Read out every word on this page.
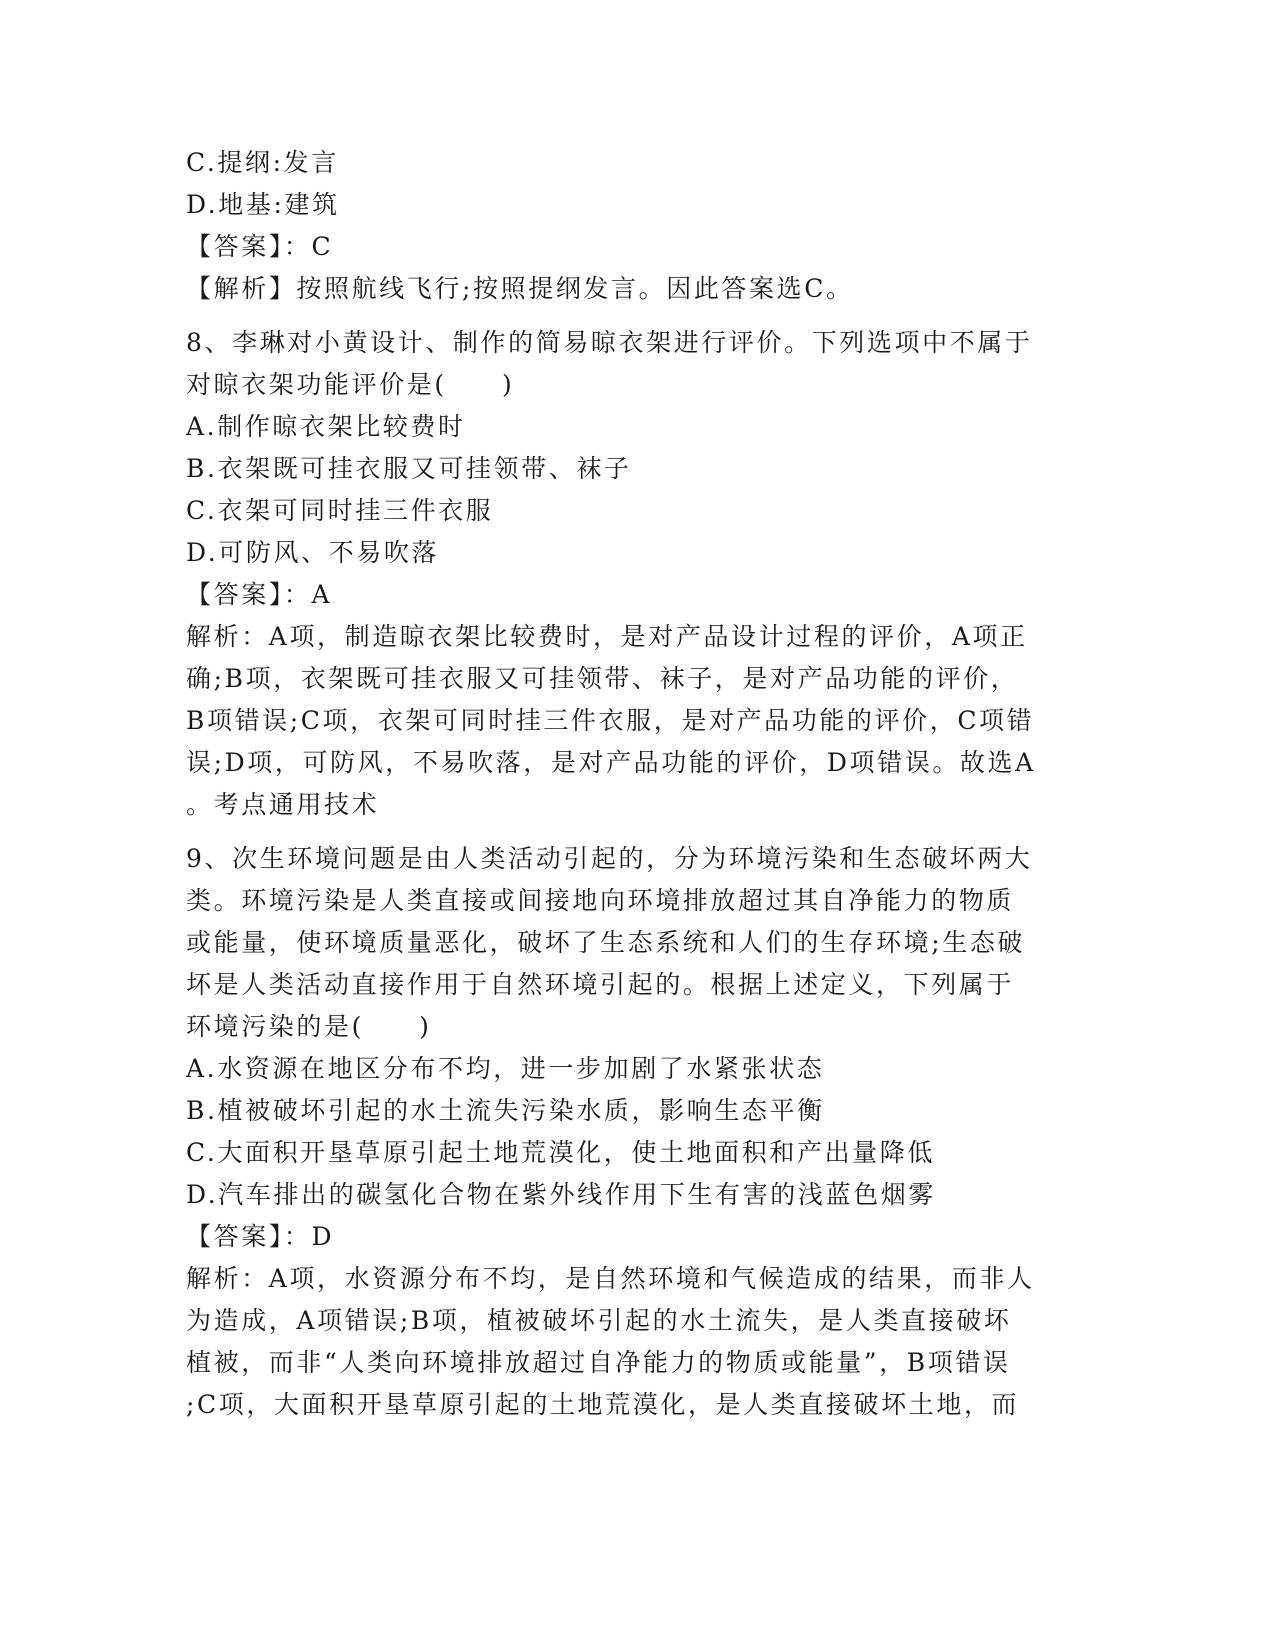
C.提纲:发言
D.地基:建筑
【答案】：C
【解析】按照航线飞行;按照提纲发言。因此答案选C。
8、李琳对小黄设计、制作的简易晾衣架进行评价。下列选项中不属于
对晾衣架功能评价是(　　)
A.制作晾衣架比较费时
B.衣架既可挂衣服又可挂领带、袜子
C.衣架可同时挂三件衣服
D.可防风、不易吹落
【答案】：A
解析：A项，制造晾衣架比较费时，是对产品设计过程的评价，A项正
确;B项，衣架既可挂衣服又可挂领带、袜子，是对产品功能的评价，
B项错误;C项，衣架可同时挂三件衣服，是对产品功能的评价，C项错
误;D项，可防风，不易吹落，是对产品功能的评价，D项错误。故选A
。考点通用技术
9、次生环境问题是由人类活动引起的，分为环境污染和生态破坏两大
类。环境污染是人类直接或间接地向环境排放超过其自净能力的物质
或能量，使环境质量恶化，破坏了生态系统和人们的生存环境;生态破
坏是人类活动直接作用于自然环境引起的。根据上述定义，下列属于
环境污染的是(　　)
A.水资源在地区分布不均，进一步加剧了水紧张状态
B.植被破坏引起的水土流失污染水质，影响生态平衡
C.大面积开垦草原引起土地荒漠化，使土地面积和产出量降低
D.汽车排出的碳氢化合物在紫外线作用下生有害的浅蓝色烟雾
【答案】：D
解析：A项，水资源分布不均，是自然环境和气候造成的结果，而非人
为造成，A项错误;B项，植被破坏引起的水土流失，是人类直接破坏
植被，而非“人类向环境排放超过自净能力的物质或能量”，B项错误
;C项，大面积开垦草原引起的土地荒漠化，是人类直接破坏土地，而
